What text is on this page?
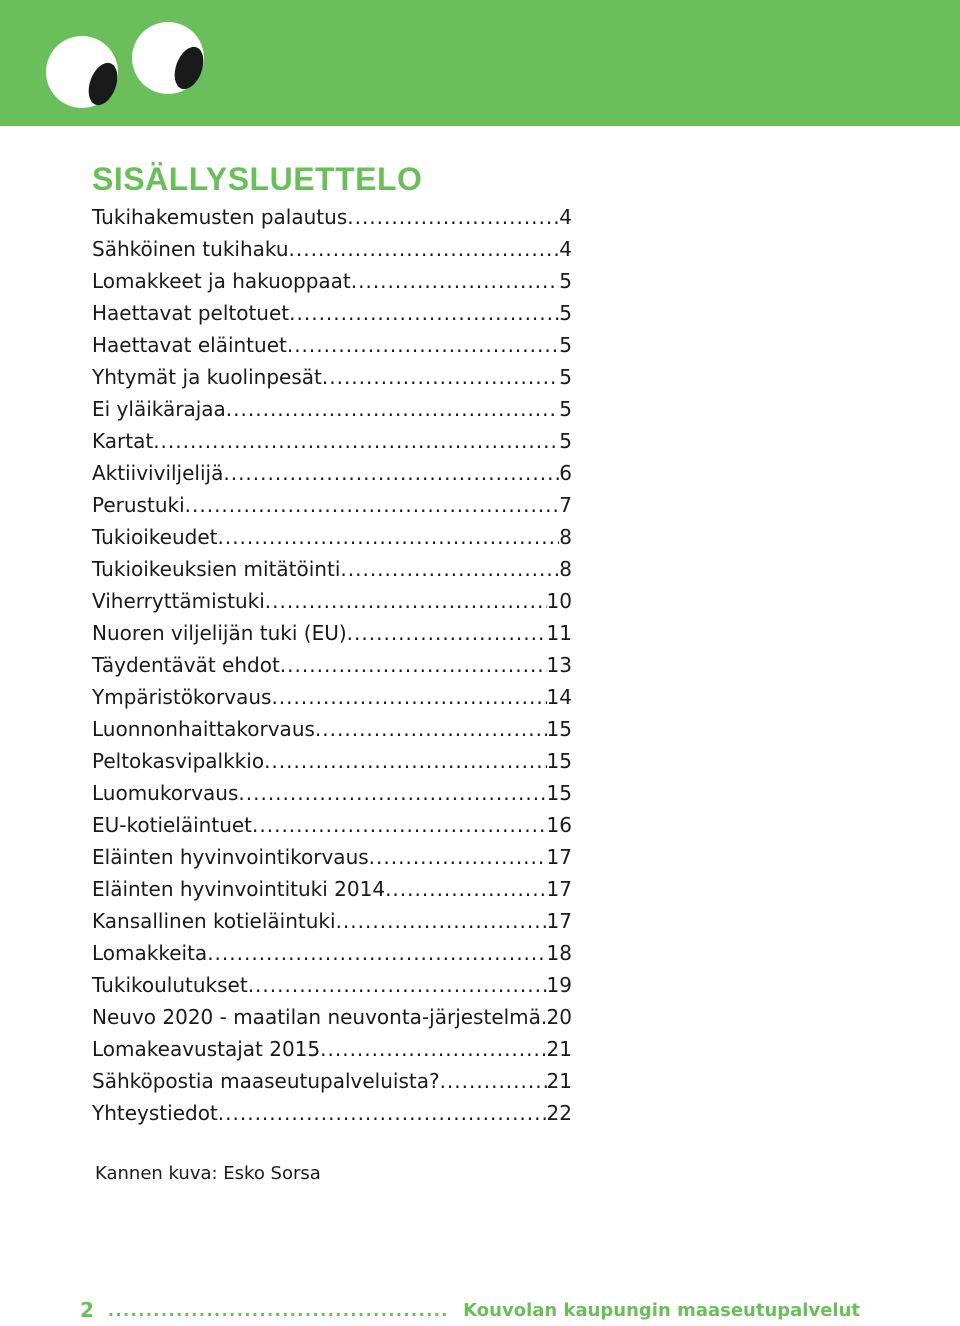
SISÄLLYSLUETTELO
Tukihakemusten palautus .....	4
Sähköinen tukihaku .....	4
Lomakkeet ja hakuoppaat .....	5
Haettavat peltotuet .....	5
Haettavat eläintuet .....	5
Yhtymät ja kuolinpesät .....	5
Ei yläikärajaa .....	5
Kartat .....	5
Aktiiviviljelijä .....	6
Perustuki .....	7
Tukioikeudet .....	8
Tukioikeuksien mitätöinti .....	8
Viherryttämistuki .....	10
Nuoren viljelijän tuki (EU) .....	11
Täydentävät ehdot .....	13
Ympäristökorvaus .....	14
Luonnonhaittakorvaus .....	15
Peltokasvipalkkio .....	15
Luomukorvaus .....	15
EU-kotieläintuet .....	16
Eläinten hyvinvointikorvaus .....	17
Eläinten hyvinvointituki 2014 .....	17
Kansallinen kotieläintuki .....	17
Lomakkeita .....	18
Tukikoulutukset .....	19
Neuvo 2020 - maatilan neuvonta-järjestelmä ..... 20
Lomakeavustajat 2015 .....	21
Sähköpostia maaseutupalveluista? .....	21
Yhteystiedot .....	22
Kannen kuva: Esko Sorsa
2 .....	Kouvolan kaupungin maaseutupalvelut
